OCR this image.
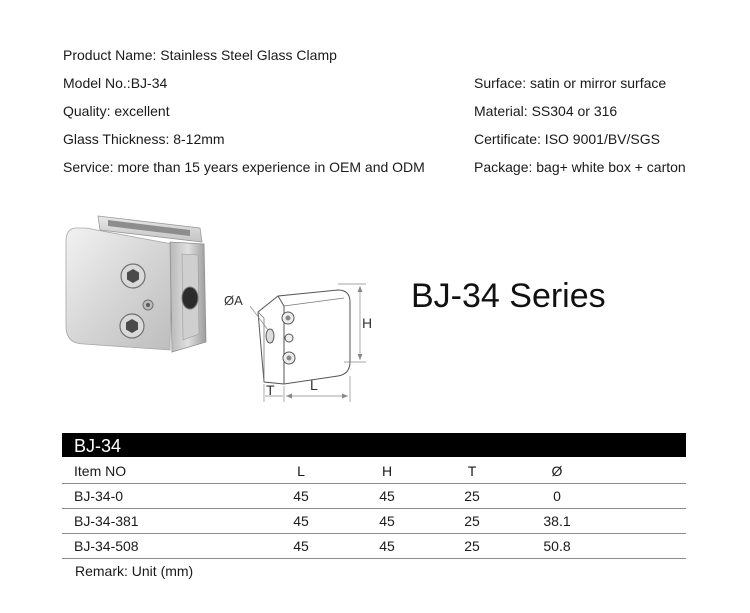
Product Name: Stainless Steel Glass Clamp
Model No.:BJ-34
Quality: excellent
Glass Thickness: 8-12mm
Service: more than 15 years experience in OEM and ODM
Surface: satin or mirror surface
Material: SS304 or 316
Certificate: ISO 9001/BV/SGS
Package: bag+ white box + carton
ØA
H
T	L
BJ-34 Series
BJ-34
Item NO	L	H	T	Ø
BJ-34-0	45	45	25	0
BJ-34-381	45	45	25	38.1
BJ-34-508	45	45	25	50.8
Remark: Unit (mm)
